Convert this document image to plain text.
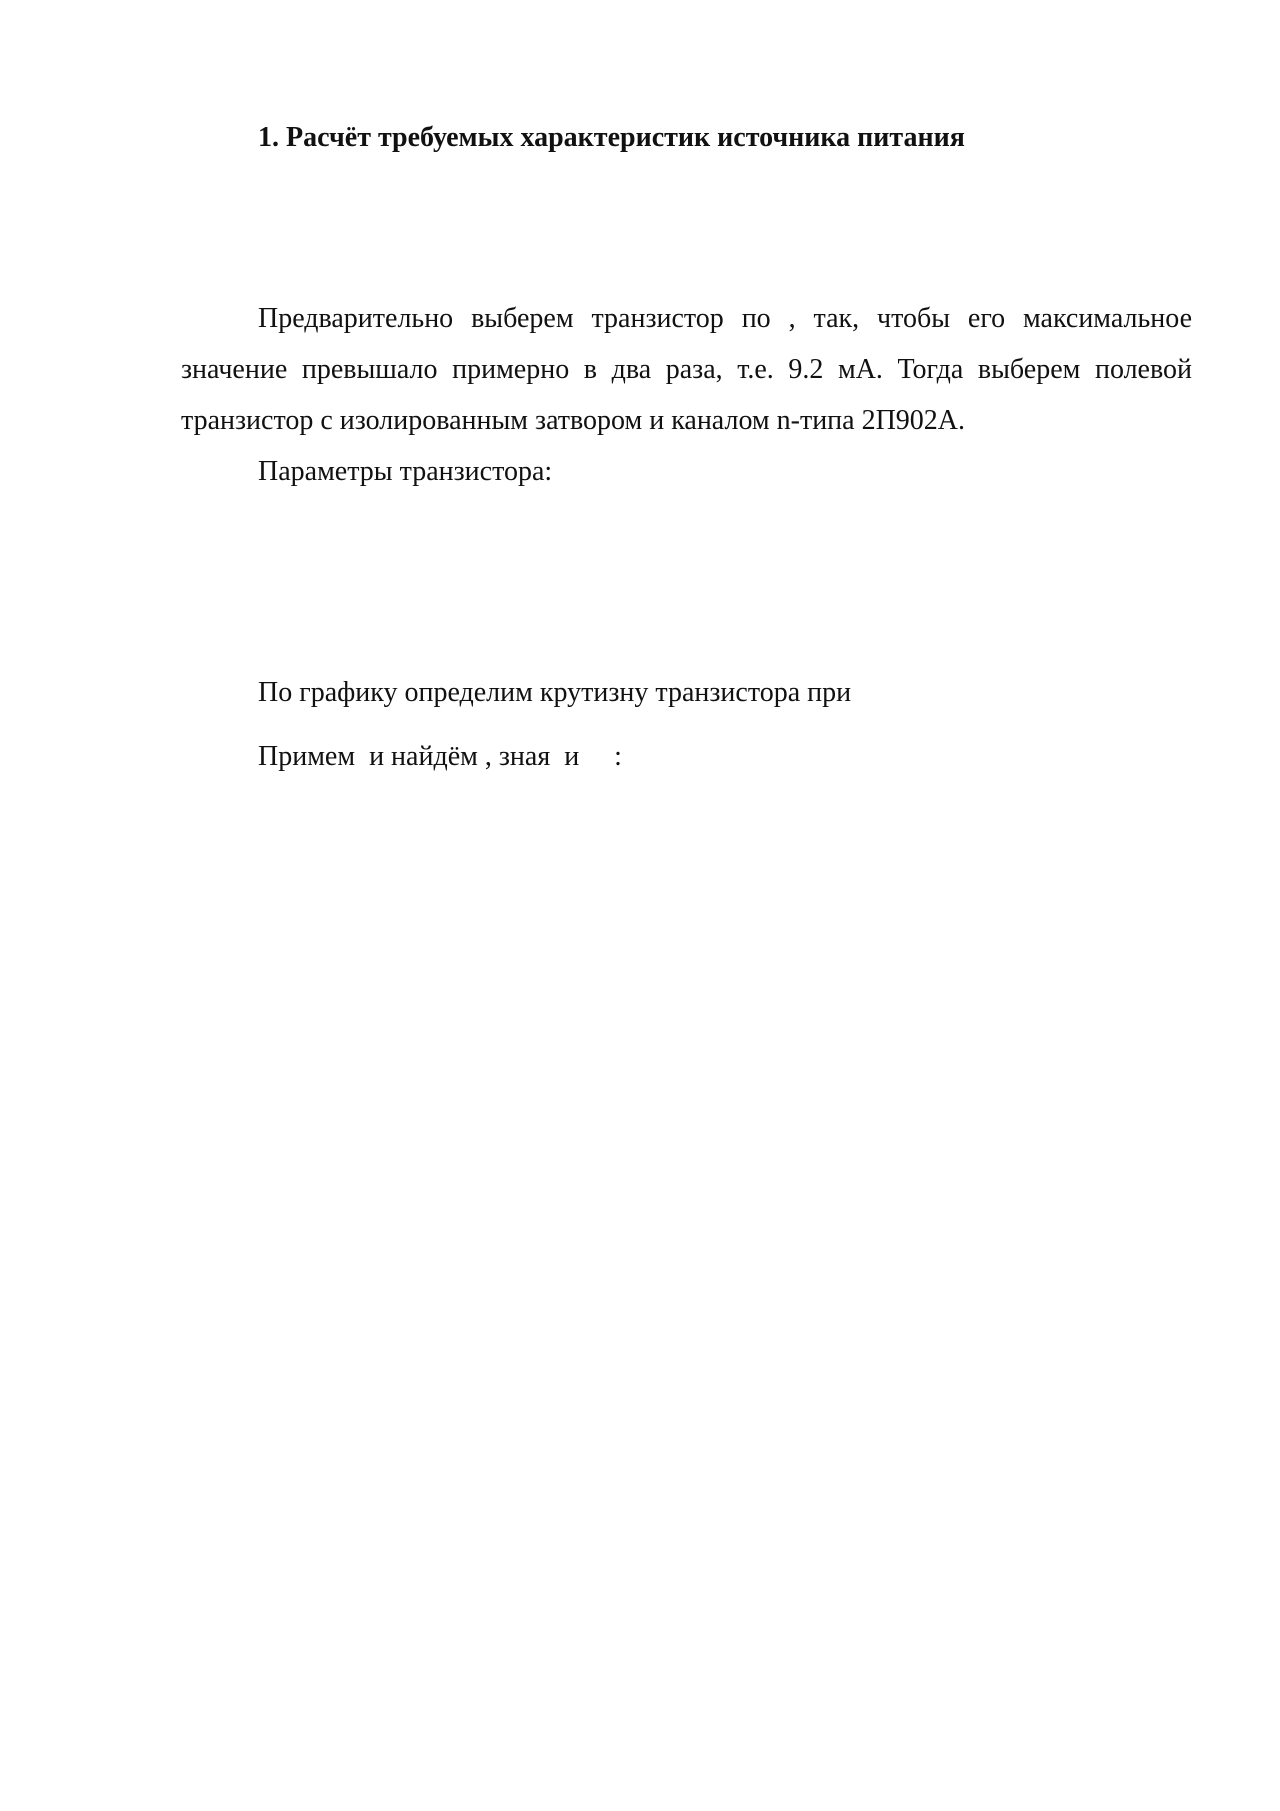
1. Расчёт требуемых характеристик источника питания

Предварительно выберем транзистор по , так, чтобы его максимальное значение превышало примерно в два раза, т.е. 9.2 мА. Тогда выберем полевой транзистор с изолированным затвором и каналом n-типа 2П902А.

Параметры транзистора:

По графику определим крутизну транзистора при

Примем  и найдём , зная  и     :
